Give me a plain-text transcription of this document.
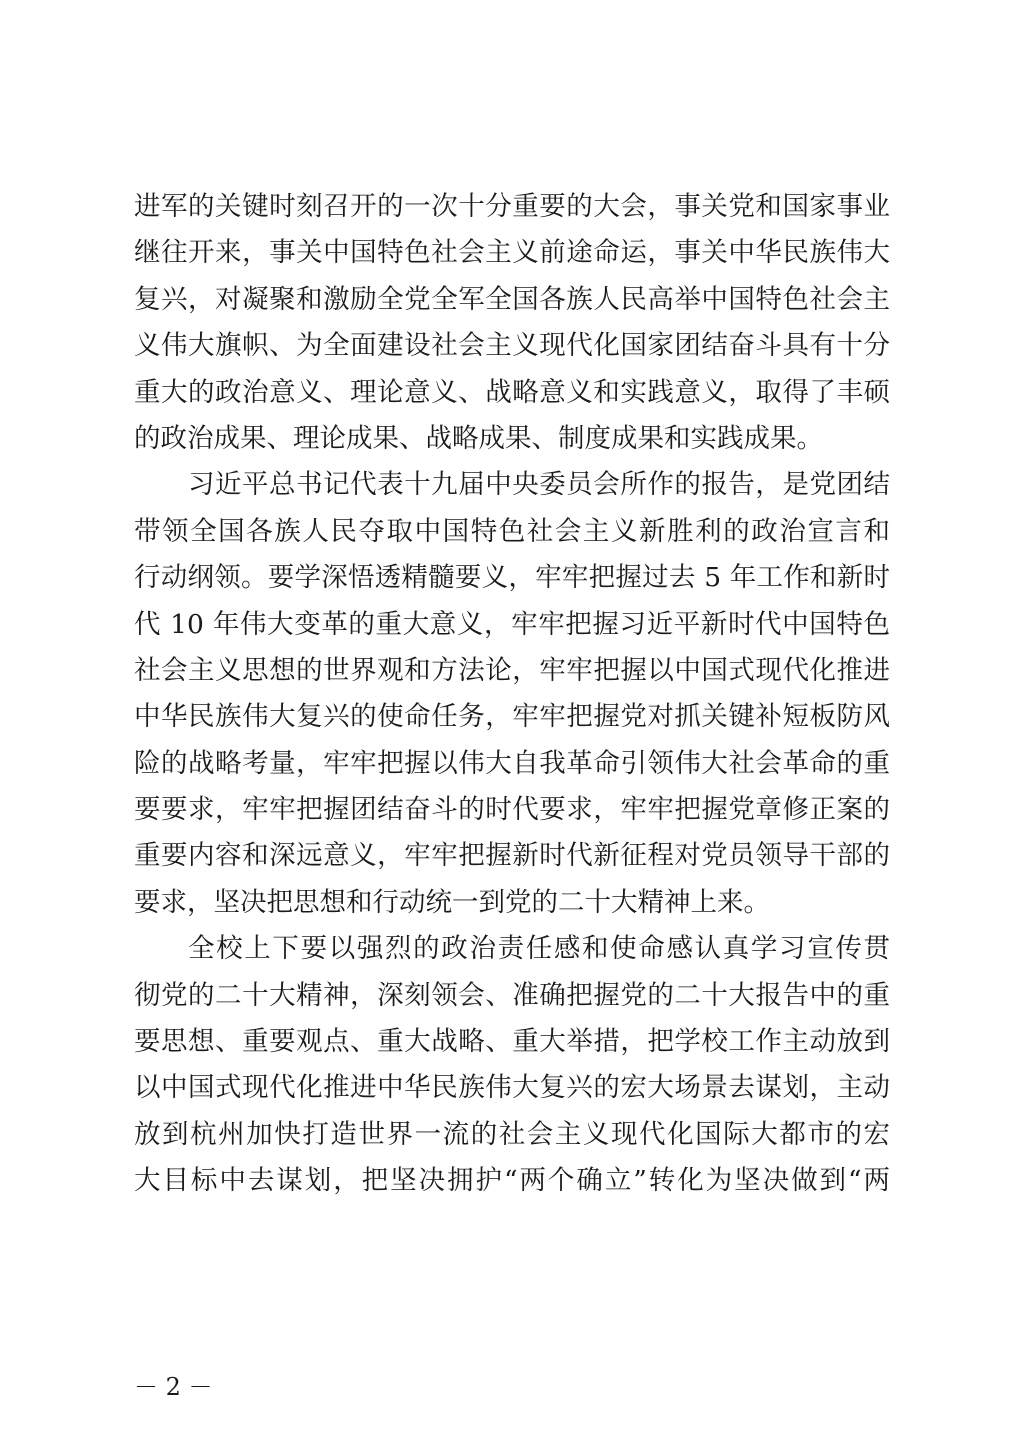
进军的关键时刻召开的一次十分重要的大会，事关党和国家事业
继往开来，事关中国特色社会主义前途命运，事关中华民族伟大
复兴，对凝聚和激励全党全军全国各族人民高举中国特色社会主
义伟大旗帜、为全面建设社会主义现代化国家团结奋斗具有十分
重大的政治意义、理论意义、战略意义和实践意义，取得了丰硕
的政治成果、理论成果、战略成果、制度成果和实践成果。
习近平总书记代表十九届中央委员会所作的报告，是党团结
带领全国各族人民夺取中国特色社会主义新胜利的政治宣言和
行动纲领。要学深悟透精髓要义，牢牢把握过去 5 年工作和新时
代 10 年伟大变革的重大意义，牢牢把握习近平新时代中国特色
社会主义思想的世界观和方法论，牢牢把握以中国式现代化推进
中华民族伟大复兴的使命任务，牢牢把握党对抓关键补短板防风
险的战略考量，牢牢把握以伟大自我革命引领伟大社会革命的重
要要求，牢牢把握团结奋斗的时代要求，牢牢把握党章修正案的
重要内容和深远意义，牢牢把握新时代新征程对党员领导干部的
要求，坚决把思想和行动统一到党的二十大精神上来。
全校上下要以强烈的政治责任感和使命感认真学习宣传贯
彻党的二十大精神，深刻领会、准确把握党的二十大报告中的重
要思想、重要观点、重大战略、重大举措，把学校工作主动放到
以中国式现代化推进中华民族伟大复兴的宏大场景去谋划，主动
放到杭州加快打造世界一流的社会主义现代化国际大都市的宏
大目标中去谋划，把坚决拥护“两个确立”转化为坚决做到“两
－ 2 －
